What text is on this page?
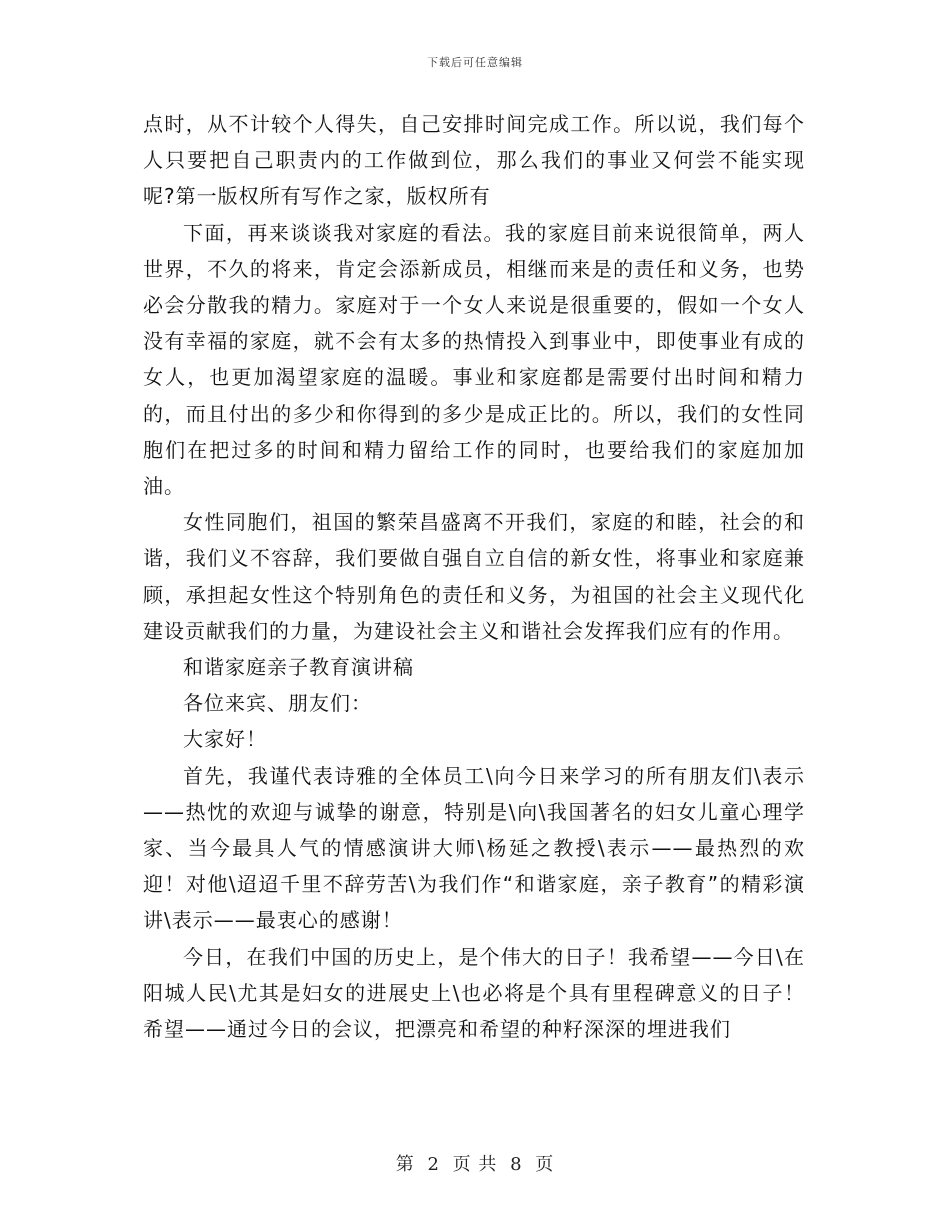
下载后可任意编辑

点时，从不计较个人得失，自己安排时间完成工作。所以说，我们每个人只要把自己职责内的工作做到位，那么我们的事业又何尝不能实现呢?第一版权所有写作之家，版权所有

下面，再来谈谈我对家庭的看法。我的家庭目前来说很简单，两人世界，不久的将来，肯定会添新成员，相继而来是的责任和义务，也势必会分散我的精力。家庭对于一个女人来说是很重要的，假如一个女人没有幸福的家庭，就不会有太多的热情投入到事业中，即使事业有成的女人，也更加渴望家庭的温暖。事业和家庭都是需要付出时间和精力的，而且付出的多少和你得到的多少是成正比的。所以，我们的女性同胞们在把过多的时间和精力留给工作的同时，也要给我们的家庭加加油。

女性同胞们，祖国的繁荣昌盛离不开我们，家庭的和睦，社会的和谐，我们义不容辞，我们要做自强自立自信的新女性，将事业和家庭兼顾，承担起女性这个特别角色的责任和义务，为祖国的社会主义现代化建设贡献我们的力量，为建设社会主义和谐社会发挥我们应有的作用。

和谐家庭亲子教育演讲稿

各位来宾、朋友们：

大家好！

首先，我谨代表诗雅的全体员工\向今日来学习的所有朋友们\表示——热忱的欢迎与诚挚的谢意，特别是\向\我国著名的妇女儿童心理学家、当今最具人气的情感演讲大师\杨延之教授\表示——最热烈的欢迎！对他\迢迢千里不辞劳苦\为我们作“和谐家庭，亲子教育”的精彩演讲\表示——最衷心的感谢！

今日，在我们中国的历史上，是个伟大的日子！我希望——今日\在阳城人民\尤其是妇女的进展史上\也必将是个具有里程碑意义的日子！希望——通过今日的会议，把漂亮和希望的种籽深深的埋进我们

第 2 页 共 8 页
